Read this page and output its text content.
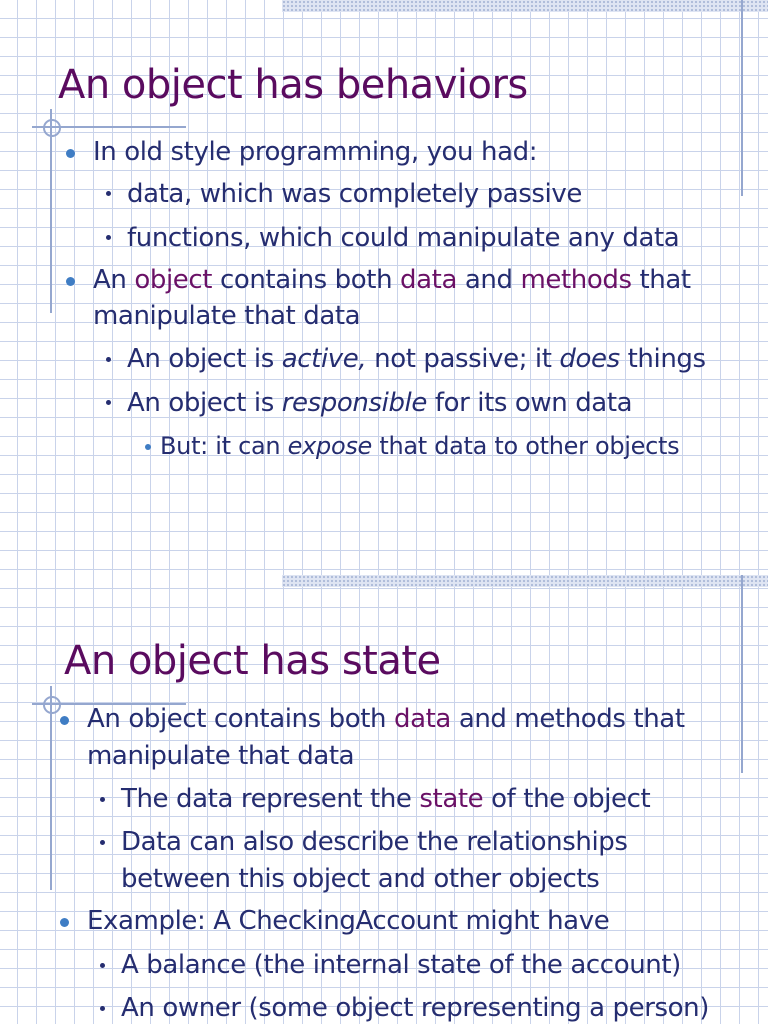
An object has behaviors
In old style programming, you had:
data, which was completely passive
functions, which could manipulate any data
An object contains both data and methods that
manipulate that data
An object is active, not passive; it does things
An object is responsible for its own data
But: it can expose that data to other objects
An object has state
An object contains both data and methods that
manipulate that data
The data represent the state of the object
Data can also describe the relationships
between this object and other objects
Example: A CheckingAccount might have
A balance (the internal state of the account)
An owner (some object representing a person)
